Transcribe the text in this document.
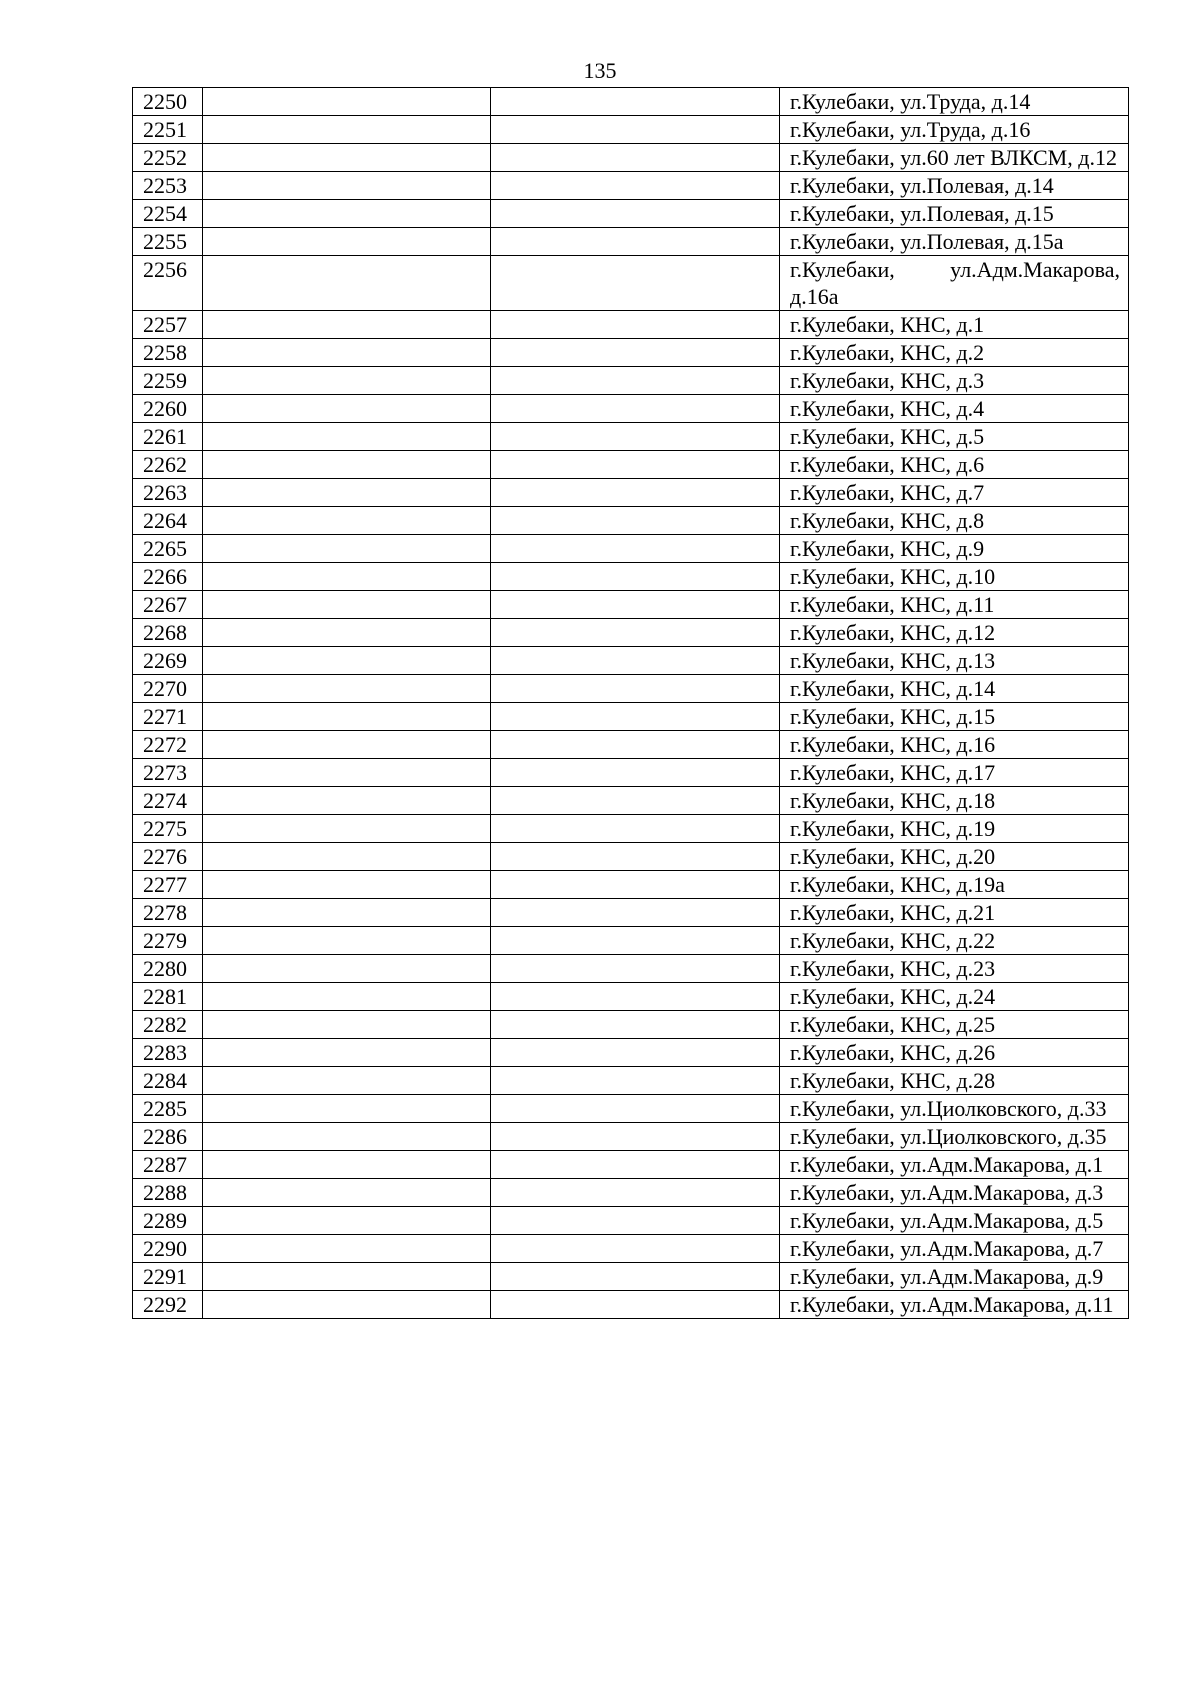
135
2250			г.Кулебаки, ул.Труда, д.14
2251			г.Кулебаки, ул.Труда, д.16
2252			г.Кулебаки, ул.60 лет ВЛКСМ, д.12
2253			г.Кулебаки, ул.Полевая, д.14
2254			г.Кулебаки, ул.Полевая, д.15
2255			г.Кулебаки, ул.Полевая, д.15а
2256			г.Кулебаки, ул.Адм.Макарова, д.16а
2257			г.Кулебаки, КНС, д.1
2258			г.Кулебаки, КНС, д.2
2259			г.Кулебаки, КНС, д.3
2260			г.Кулебаки, КНС, д.4
2261			г.Кулебаки, КНС, д.5
2262			г.Кулебаки, КНС, д.6
2263			г.Кулебаки, КНС, д.7
2264			г.Кулебаки, КНС, д.8
2265			г.Кулебаки, КНС, д.9
2266			г.Кулебаки, КНС, д.10
2267			г.Кулебаки, КНС, д.11
2268			г.Кулебаки, КНС, д.12
2269			г.Кулебаки, КНС, д.13
2270			г.Кулебаки, КНС, д.14
2271			г.Кулебаки, КНС, д.15
2272			г.Кулебаки, КНС, д.16
2273			г.Кулебаки, КНС, д.17
2274			г.Кулебаки, КНС, д.18
2275			г.Кулебаки, КНС, д.19
2276			г.Кулебаки, КНС, д.20
2277			г.Кулебаки, КНС, д.19а
2278			г.Кулебаки, КНС, д.21
2279			г.Кулебаки, КНС, д.22
2280			г.Кулебаки, КНС, д.23
2281			г.Кулебаки, КНС, д.24
2282			г.Кулебаки, КНС, д.25
2283			г.Кулебаки, КНС, д.26
2284			г.Кулебаки, КНС, д.28
2285			г.Кулебаки, ул.Циолковского, д.33
2286			г.Кулебаки, ул.Циолковского, д.35
2287			г.Кулебаки, ул.Адм.Макарова, д.1
2288			г.Кулебаки, ул.Адм.Макарова, д.3
2289			г.Кулебаки, ул.Адм.Макарова, д.5
2290			г.Кулебаки, ул.Адм.Макарова, д.7
2291			г.Кулебаки, ул.Адм.Макарова, д.9
2292			г.Кулебаки, ул.Адм.Макарова, д.11
